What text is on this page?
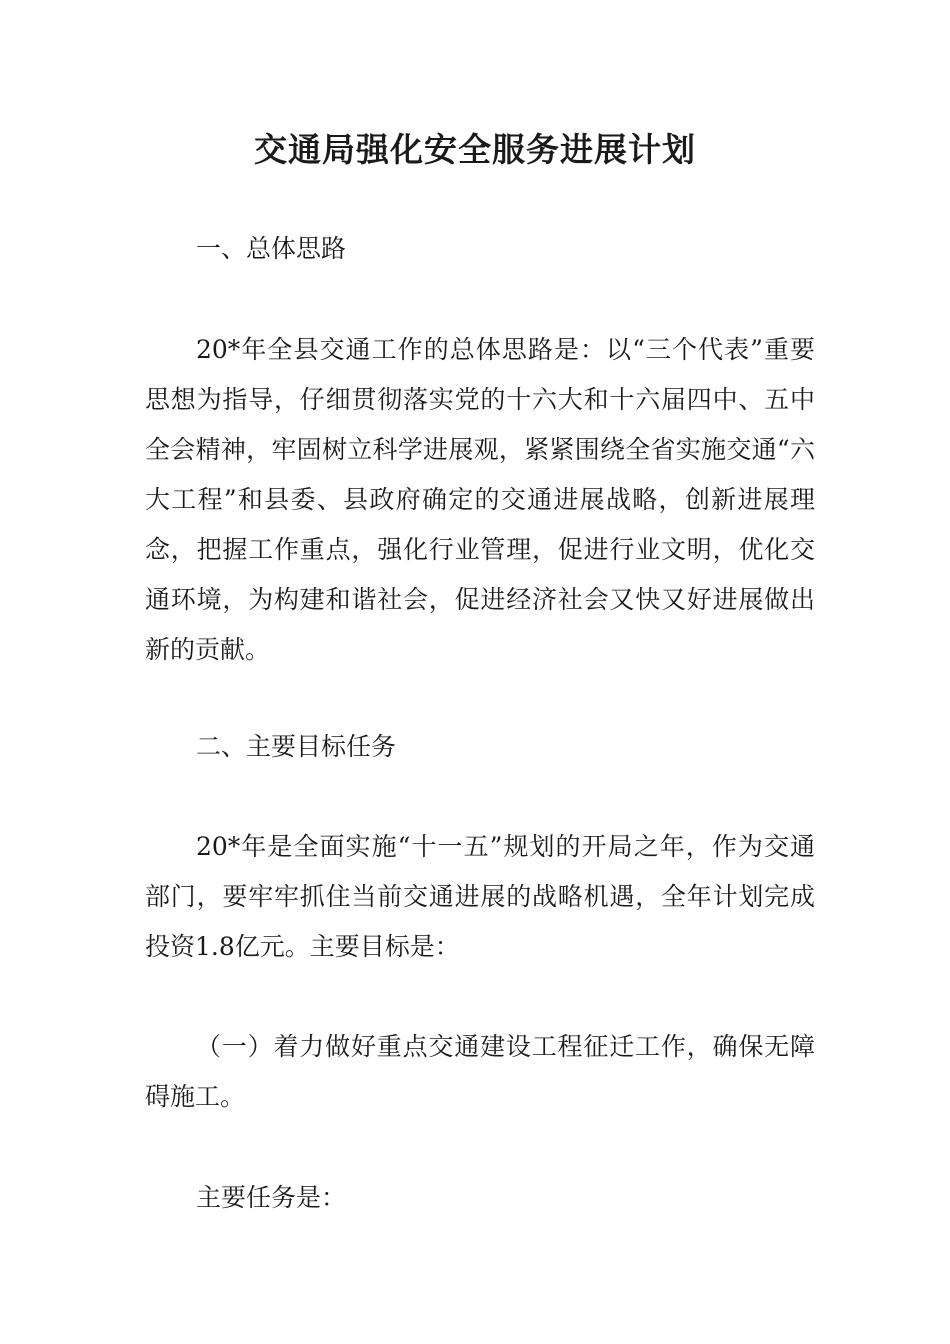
交通局强化安全服务进展计划

一、总体思路

20*年全县交通工作的总体思路是：以“三个代表”重要思想为指导，仔细贯彻落实党的十六大和十六届四中、五中全会精神，牢固树立科学进展观，紧紧围绕全省实施交通“六大工程”和县委、县政府确定的交通进展战略，创新进展理念，把握工作重点，强化行业管理，促进行业文明，优化交通环境，为构建和谐社会，促进经济社会又快又好进展做出新的贡献。

二、主要目标任务

20*年是全面实施“十一五”规划的开局之年，作为交通部门，要牢牢抓住当前交通进展的战略机遇，全年计划完成投资1.8亿元。主要目标是：

（一）着力做好重点交通建设工程征迁工作，确保无障碍施工。

主要任务是：
